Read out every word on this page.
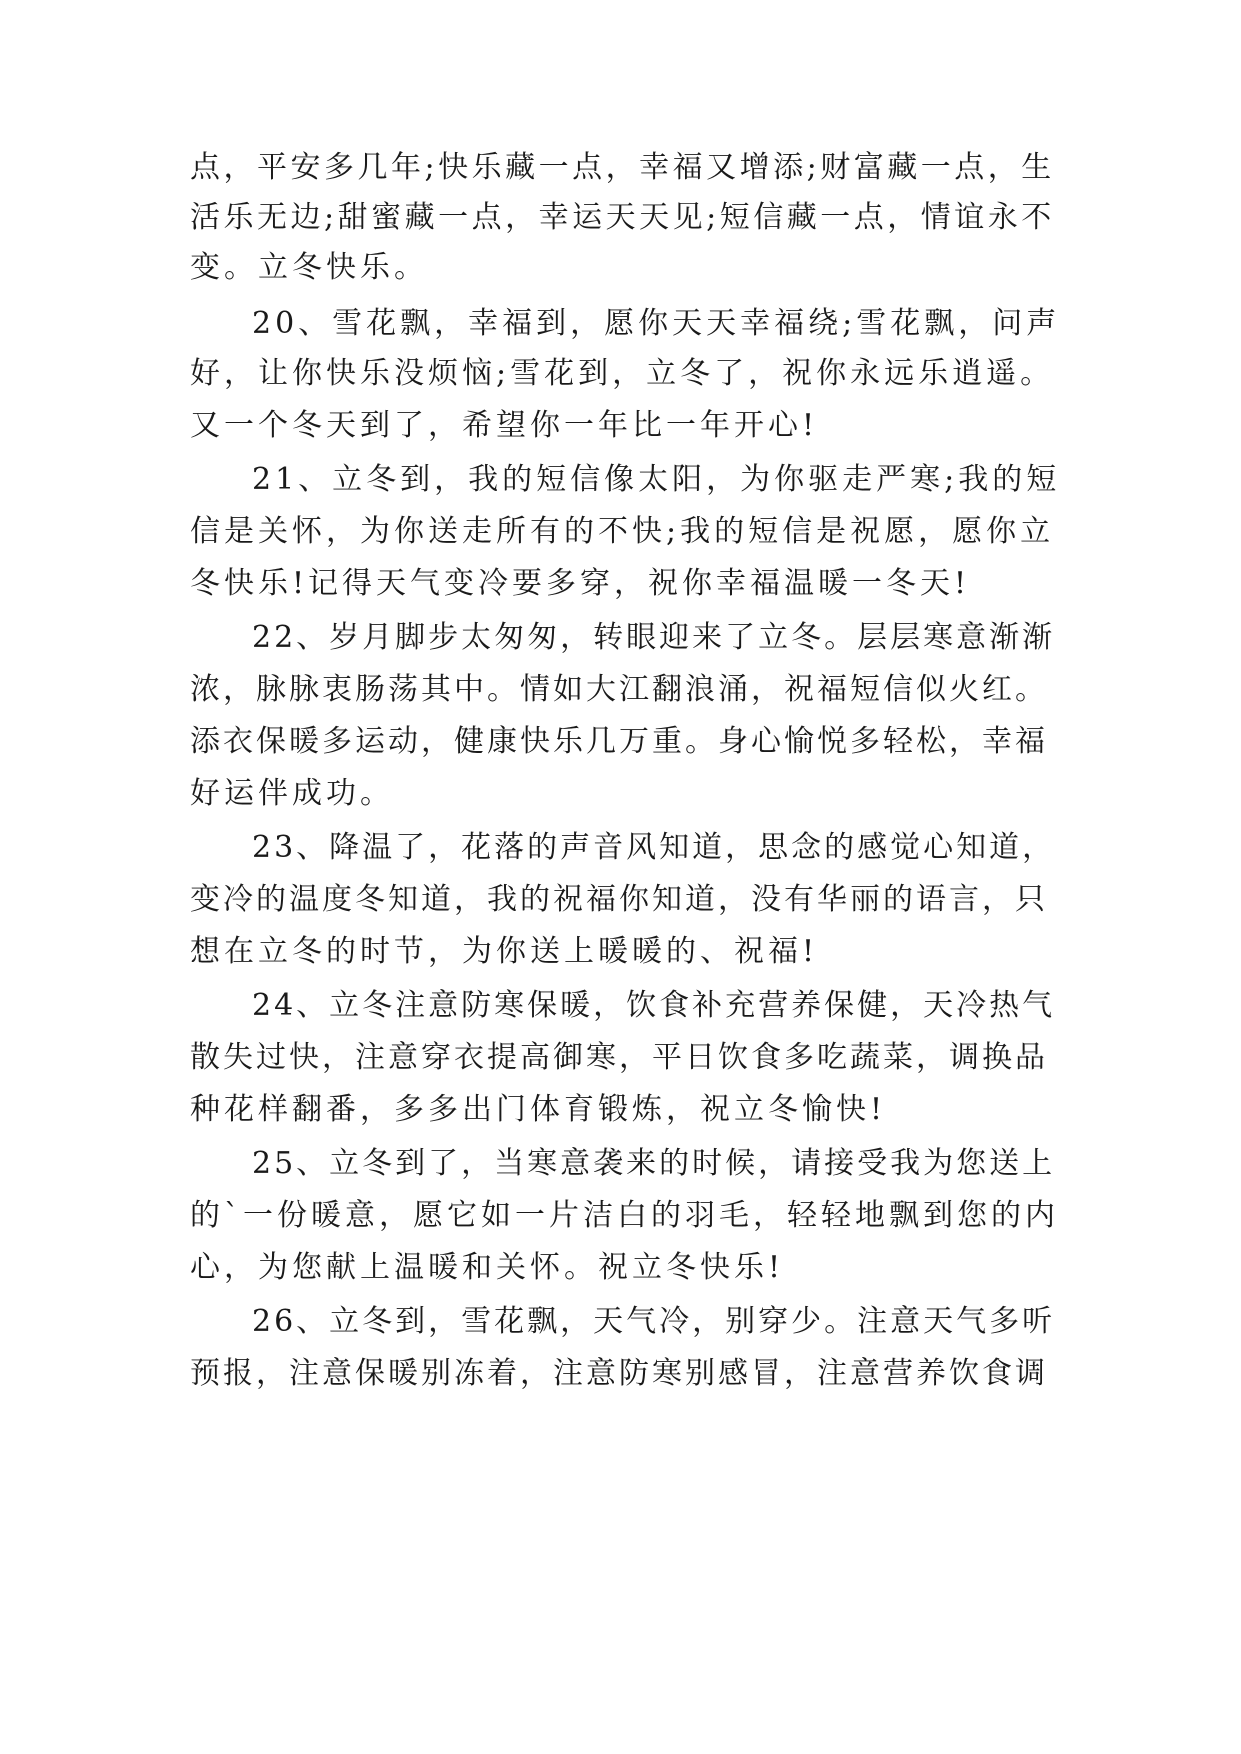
点，平安多几年;快乐藏一点，幸福又增添;财富藏一点，生
活乐无边;甜蜜藏一点，幸运天天见;短信藏一点，情谊永不
变。立冬快乐。
20、雪花飘，幸福到，愿你天天幸福绕;雪花飘，问声
好，让你快乐没烦恼;雪花到，立冬了，祝你永远乐逍遥。
又一个冬天到了，希望你一年比一年开心!
21、立冬到，我的短信像太阳，为你驱走严寒;我的短
信是关怀，为你送走所有的不快;我的短信是祝愿，愿你立
冬快乐!记得天气变冷要多穿，祝你幸福温暖一冬天!
22、岁月脚步太匆匆，转眼迎来了立冬。层层寒意渐渐
浓，脉脉衷肠荡其中。情如大江翻浪涌，祝福短信似火红。
添衣保暖多运动，健康快乐几万重。身心愉悦多轻松，幸福
好运伴成功。
23、降温了，花落的声音风知道，思念的感觉心知道，
变冷的温度冬知道，我的祝福你知道，没有华丽的语言，只
想在立冬的时节，为你送上暖暖的、祝福!
24、立冬注意防寒保暖，饮食补充营养保健，天冷热气
散失过快，注意穿衣提高御寒，平日饮食多吃蔬菜，调换品
种花样翻番，多多出门体育锻炼，祝立冬愉快!
25、立冬到了，当寒意袭来的时候，请接受我为您送上
的`一份暖意，愿它如一片洁白的羽毛，轻轻地飘到您的内
心，为您献上温暖和关怀。祝立冬快乐!
26、立冬到，雪花飘，天气冷，别穿少。注意天气多听
预报，注意保暖别冻着，注意防寒别感冒，注意营养饮食调
